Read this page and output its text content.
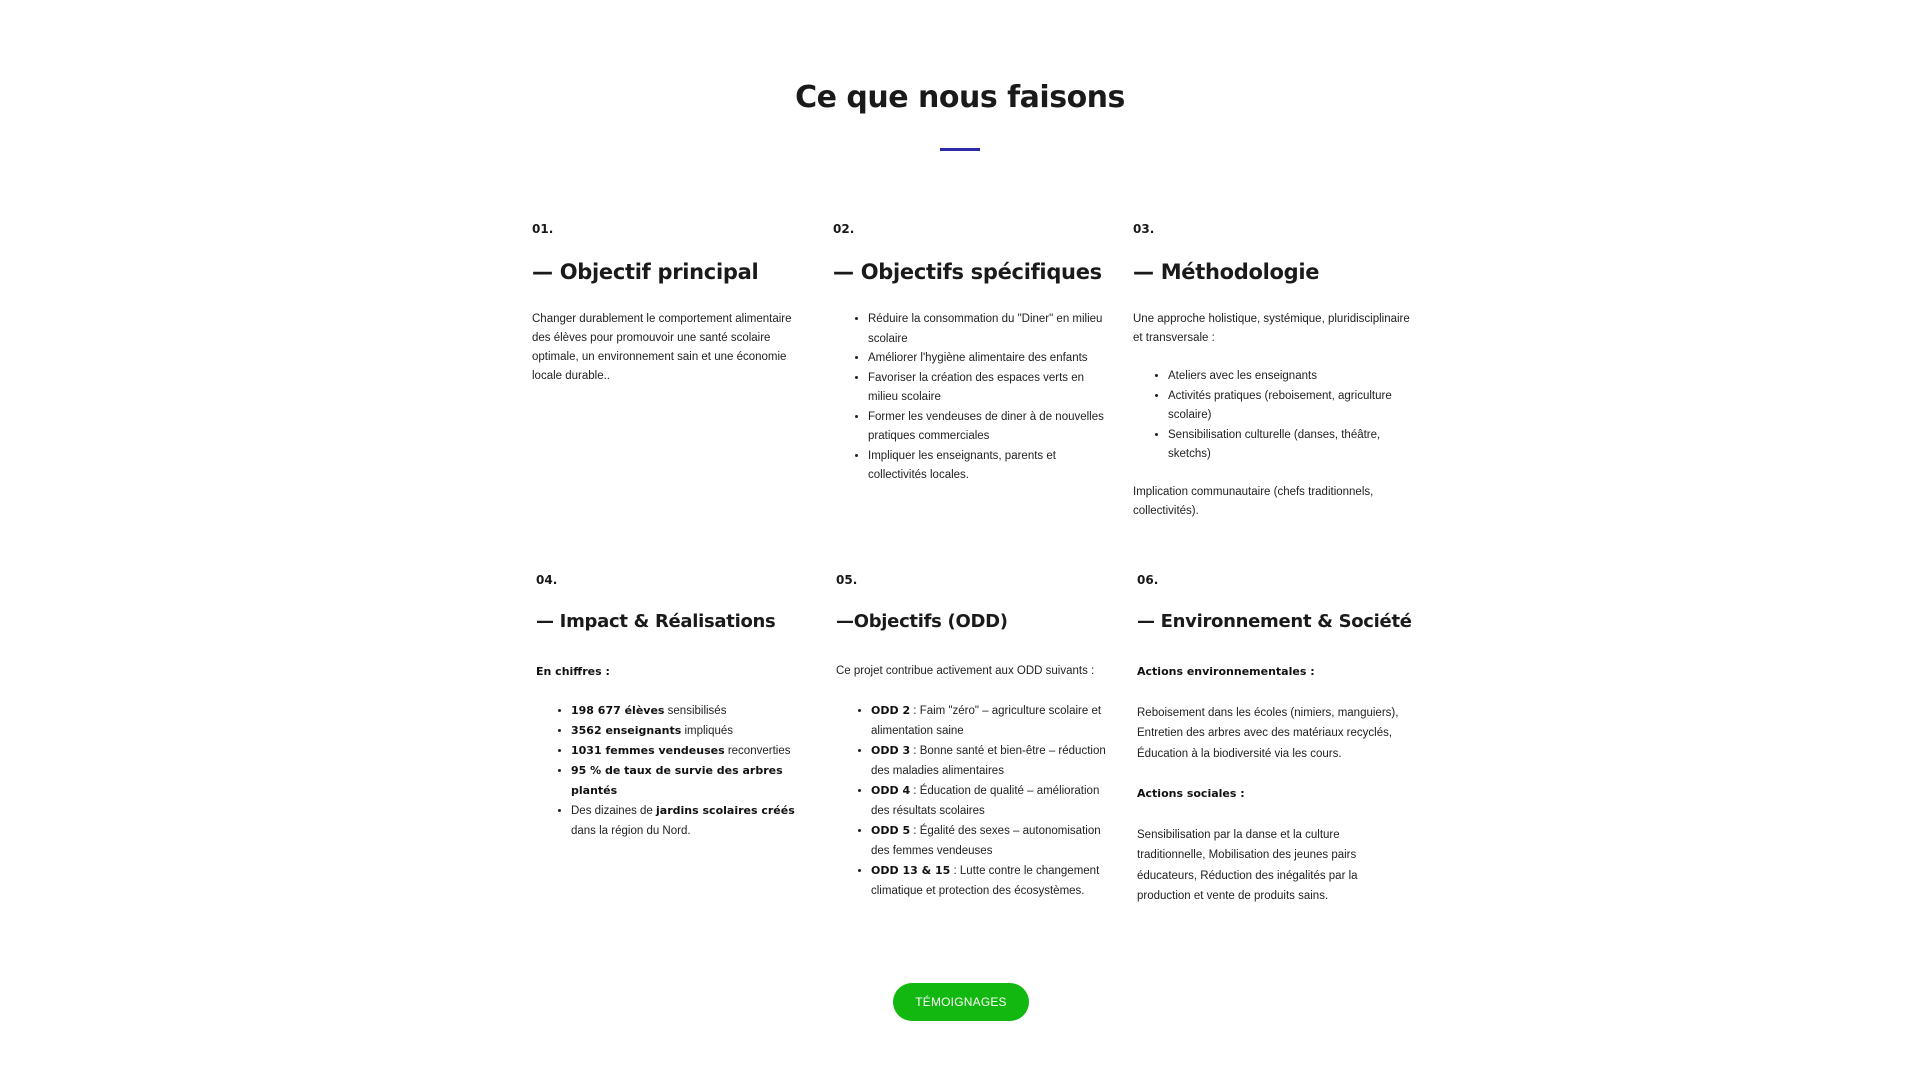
Ce que nous faisons
01.
— Objectif principal

Changer durablement le comportement alimentaire des élèves pour promouvoir une santé scolaire optimale, un environnement sain et une économie locale durable..

02.
— Objectifs spécifiques
• Réduire la consommation du "Diner" en milieu scolaire
• Améliorer l'hygiène alimentaire des enfants
• Favoriser la création des espaces verts en milieu scolaire
• Former les vendeuses de diner à de nouvelles pratiques commerciales
• Impliquer les enseignants, parents et collectivités locales.
03.
— Méthodologie

Une approche holistique, systémique, pluridisciplinaire et transversale :

• Ateliers avec les enseignants
• Activités pratiques (reboisement, agriculture scolaire)
• Sensibilisation culturelle (danses, théâtre, sketchs)

Implication communautaire (chefs traditionnels, collectivités).

04.
— Impact & Réalisations

En chiffres :

• 198 677 élèves sensibilisés
• 3562 enseignants impliqués
• 1031 femmes vendeuses reconverties
• 95 % de taux de survie des arbres plantés
• Des dizaines de jardins scolaires créés dans la région du Nord.
05.
—Objectifs (ODD)

Ce projet contribue activement aux ODD suivants :

• ODD 2 : Faim "zéro" – agriculture scolaire et alimentation saine
• ODD 3 : Bonne santé et bien-être – réduction des maladies alimentaires
• ODD 4 : Éducation de qualité – amélioration des résultats scolaires
• ODD 5 : Égalité des sexes – autonomisation des femmes vendeuses
• ODD 13 & 15 : Lutte contre le changement climatique et protection des écosystèmes.
06.
— Environnement & Société

Actions environnementales :

Reboisement dans les écoles (nimiers, manguiers), Entretien des arbres avec des matériaux recyclés, Éducation à la biodiversité via les cours.

Actions sociales :

Sensibilisation par la danse et la culture traditionnelle, Mobilisation des jeunes pairs éducateurs, Réduction des inégalités par la production et vente de produits sains.

TÉMOIGNAGES
